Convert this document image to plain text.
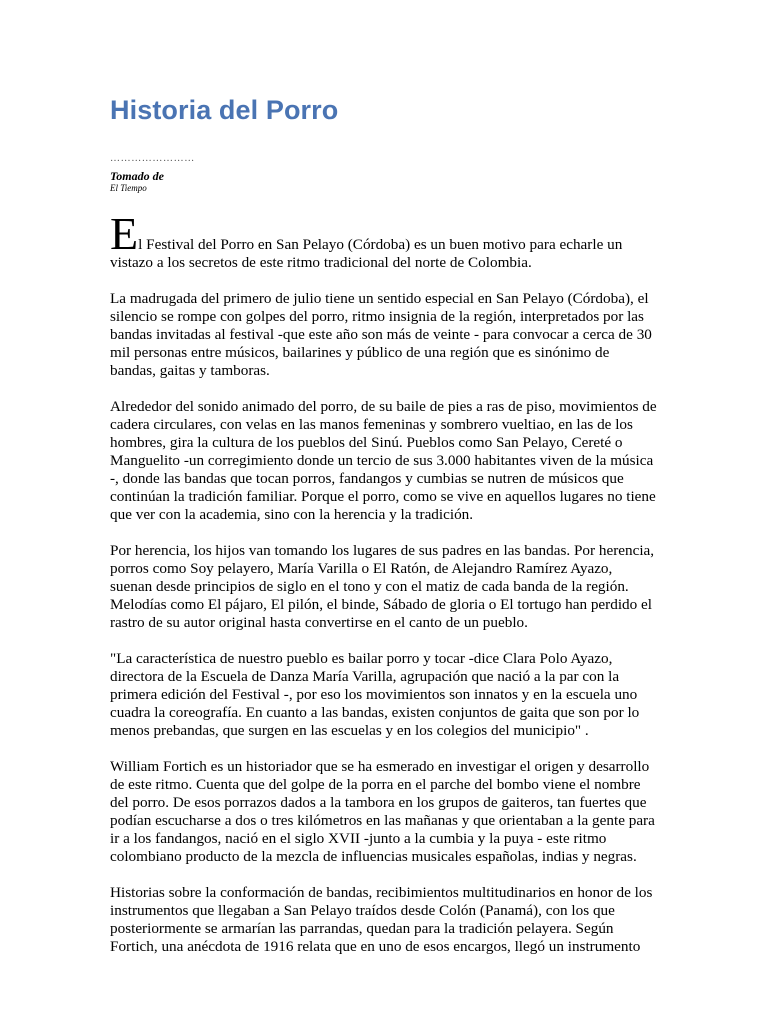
Historia del Porro
……………………
Tomado de
El Tiempo

El Festival del Porro en San Pelayo (Córdoba) es un buen motivo para echarle un vistazo a los secretos de este ritmo tradicional del norte de Colombia.

La madrugada del primero de julio tiene un sentido especial en San Pelayo (Córdoba), el silencio se rompe con golpes del porro, ritmo insignia de la región, interpretados por las bandas invitadas al festival -que este año son más de veinte - para convocar a cerca de 30 mil personas entre músicos, bailarines y público de una región que es sinónimo de bandas, gaitas y tamboras.

Alrededor del sonido animado del porro, de su baile de pies a ras de piso, movimientos de cadera circulares, con velas en las manos femeninas y sombrero vueltiao, en las de los hombres, gira la cultura de los pueblos del Sinú. Pueblos como San Pelayo, Cereté o Manguelito -un corregimiento donde un tercio de sus 3.000 habitantes viven de la música -, donde las bandas que tocan porros, fandangos y cumbias se nutren de músicos que continúan la tradición familiar. Porque el porro, como se vive en aquellos lugares no tiene que ver con la academia, sino con la herencia y la tradición.

Por herencia, los hijos van tomando los lugares de sus padres en las bandas. Por herencia, porros como Soy pelayero, María Varilla o El Ratón, de Alejandro Ramírez Ayazo, suenan desde principios de siglo en el tono y con el matiz de cada banda de la región. Melodías como El pájaro, El pilón, el binde, Sábado de gloria o El tortugo han perdido el rastro de su autor original hasta convertirse en el canto de un pueblo.

"La característica de nuestro pueblo es bailar porro y tocar -dice Clara Polo Ayazo, directora de la Escuela de Danza María Varilla, agrupación que nació a la par con la primera edición del Festival -, por eso los movimientos son innatos y en la escuela uno cuadra la coreografía. En cuanto a las bandas, existen conjuntos de gaita que son por lo menos prebandas, que surgen en las escuelas y en los colegios del municipio" .

William Fortich es un historiador que se ha esmerado en investigar el origen y desarrollo de este ritmo. Cuenta que del golpe de la porra en el parche del bombo viene el nombre del porro. De esos porrazos dados a la tambora en los grupos de gaiteros, tan fuertes que podían escucharse a dos o tres kilómetros en las mañanas y que orientaban a la gente para ir a los fandangos, nació en el siglo XVII -junto a la cumbia y la puya - este ritmo colombiano producto de la mezcla de influencias musicales españolas, indias y negras.

Historias sobre la conformación de bandas, recibimientos multitudinarios en honor de los instrumentos que llegaban a San Pelayo traídos desde Colón (Panamá), con los que posteriormente se armarían las parrandas, quedan para la tradición pelayera. Según Fortich, una anécdota de 1916 relata que en uno de esos encargos, llegó un instrumento
